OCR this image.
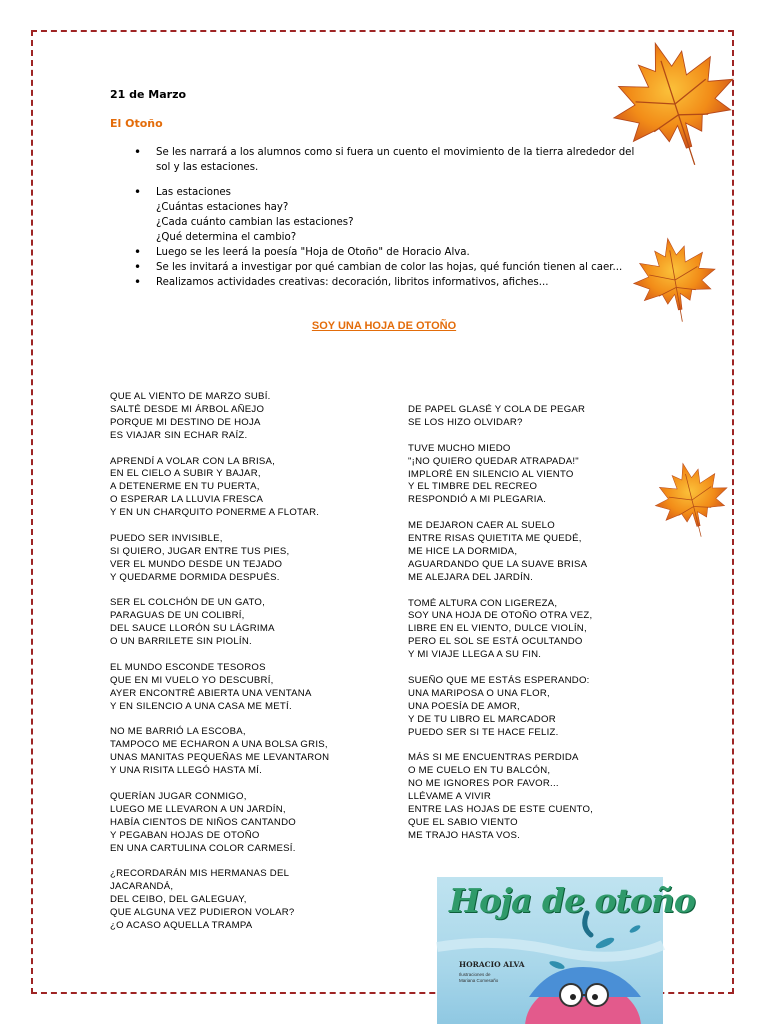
21 de Marzo
El Otoño
• Se les narrará a los alumnos como si fuera un cuento el movimiento de la tierra alrededor del
sol y las estaciones.
• Las estaciones
¿Cuántas estaciones hay?
¿Cada cuánto cambian las estaciones?
¿Qué determina el cambio?
• Luego se les leerá la poesía "Hoja de Otoño" de Horacio Alva.
• Se les invitará a investigar por qué cambian de color las hojas, qué función tienen al caer...
• Realizamos actividades creativas: decoración, libritos informativos, afiches...
SOY UNA HOJA DE OTOÑO
QUE AL VIENTO DE MARZO SUBÍ.
SALTÉ DESDE MI ÁRBOL AÑEJO
PORQUE MI DESTINO DE HOJA
ES VIAJAR SIN ECHAR RAÍZ.
APRENDÍ A VOLAR CON LA BRISA,
EN EL CIELO A SUBIR Y BAJAR,
A DETENERME EN TU PUERTA,
O ESPERAR LA LLUVIA FRESCA
Y EN UN CHARQUITO PONERME A FLOTAR.
PUEDO SER INVISIBLE,
SI QUIERO, JUGAR ENTRE TUS PIES,
VER EL MUNDO DESDE UN TEJADO
Y QUEDARME DORMIDA DESPUÉS.
SER EL COLCHÓN DE UN GATO,
PARAGUAS DE UN COLIBRÍ,
DEL SAUCE LLORÓN SU LÁGRIMA
O UN BARRILETE SIN PIOLÍN.
EL MUNDO ESCONDE TESOROS
QUE EN MI VUELO YO DESCUBRÍ,
AYER ENCONTRÉ ABIERTA UNA VENTANA
Y EN SILENCIO A UNA CASA ME METÍ.
NO ME BARRIÓ LA ESCOBA,
TAMPOCO ME ECHARON A UNA BOLSA GRIS,
UNAS MANITAS PEQUEÑAS ME LEVANTARON
Y UNA RISITA LLEGÓ HASTA MÍ.
QUERÍAN JUGAR CONMIGO,
LUEGO ME LLEVARON A UN JARDÍN,
HABÍA CIENTOS DE NIÑOS CANTANDO
Y PEGABAN HOJAS DE OTOÑO
EN UNA CARTULINA COLOR CARMESÍ.
¿RECORDARÁN MIS HERMANAS DEL
JACARANDÁ,
DEL CEIBO, DEL GALEGUAY,
QUE ALGUNA VEZ PUDIERON VOLAR?
¿O ACASO AQUELLA TRAMPA
DE PAPEL GLASÉ Y COLA DE PEGAR
SE LOS HIZO OLVIDAR?
TUVE MUCHO MIEDO
"¡NO QUIERO QUEDAR ATRAPADA!"
IMPLORÉ EN SILENCIO AL VIENTO
Y EL TIMBRE DEL RECREO
RESPONDIÓ A MI PLEGARIA.
ME DEJARON CAER AL SUELO
ENTRE RISAS QUIETITA ME QUEDÉ,
ME HICE LA DORMIDA,
AGUARDANDO QUE LA SUAVE BRISA
ME ALEJARA DEL JARDÍN.
TOMÉ ALTURA CON LIGEREZA,
SOY UNA HOJA DE OTOÑO OTRA VEZ,
LIBRE EN EL VIENTO, DULCE VIOLÍN,
PERO EL SOL SE ESTÁ OCULTANDO
Y MI VIAJE LLEGA A SU FIN.
SUEÑO QUE ME ESTÁS ESPERANDO:
UNA MARIPOSA O UNA FLOR,
UNA POESÍA DE AMOR,
Y DE TU LIBRO EL MARCADOR
PUEDO SER SI TE HACE FELIZ.
MÁS SI ME ENCUENTRAS PERDIDA
O ME CUELO EN TU BALCÓN,
NO ME IGNORES POR FAVOR...
LLÉVAME A VIVIR
ENTRE LAS HOJAS DE ESTE CUENTO,
QUE EL SABIO VIENTO
ME TRAJO HASTA VOS.
Hoja de otoño
HORACIO ALVA
Ilustraciones de
Mariana Comesaño
